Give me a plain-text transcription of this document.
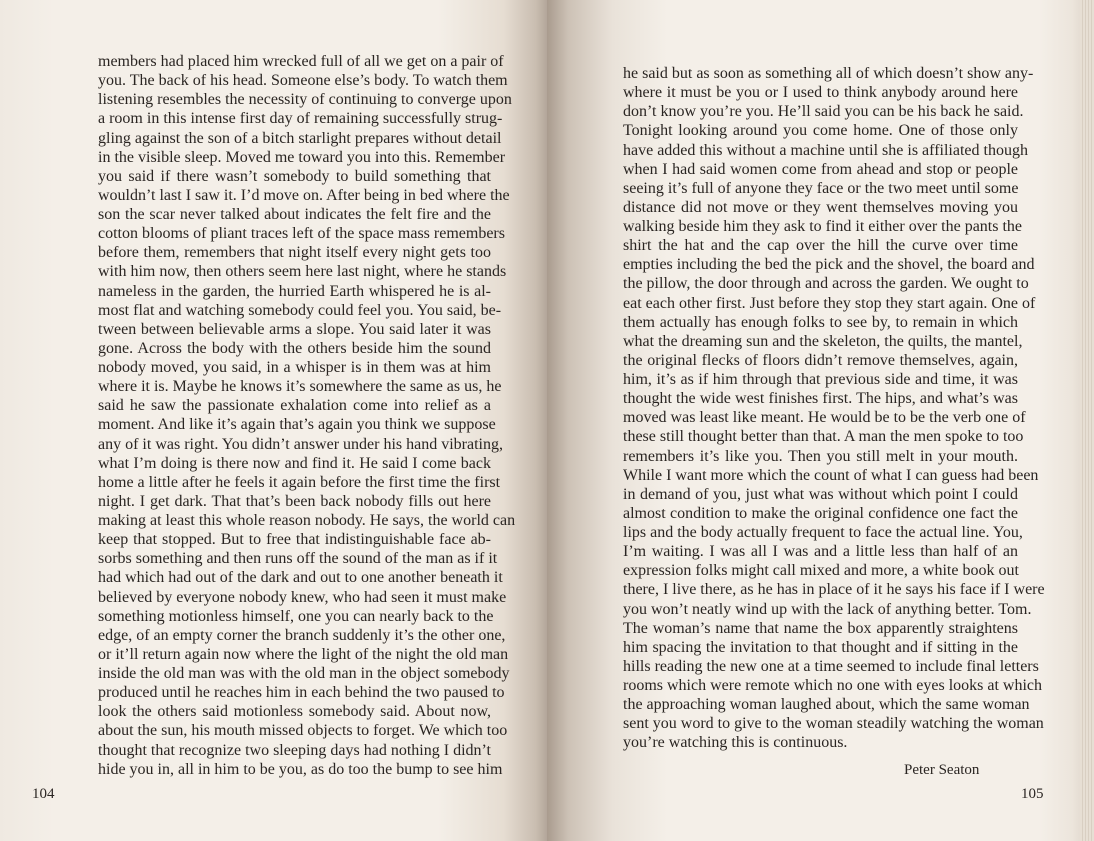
members had placed him wrecked full of all we get on a pair of
you. The back of his head. Someone else’s body. To watch them
listening resembles the necessity of continuing to converge upon
a room in this intense first day of remaining successfully strug-
gling against the son of a bitch starlight prepares without detail
in the visible sleep. Moved me toward you into this. Remember
you said if there wasn’t somebody to build something that
wouldn’t last I saw it. I’d move on. After being in bed where the
son the scar never talked about indicates the felt fire and the
cotton blooms of pliant traces left of the space mass remembers
before them, remembers that night itself every night gets too
with him now, then others seem here last night, where he stands
nameless in the garden, the hurried Earth whispered he is al-
most flat and watching somebody could feel you. You said, be-
tween between believable arms a slope. You said later it was
gone. Across the body with the others beside him the sound
nobody moved, you said, in a whisper is in them was at him
where it is. Maybe he knows it’s somewhere the same as us, he
said he saw the passionate exhalation come into relief as a
moment. And like it’s again that’s again you think we suppose
any of it was right. You didn’t answer under his hand vibrating,
what I’m doing is there now and find it. He said I come back
home a little after he feels it again before the first time the first
night. I get dark. That that’s been back nobody fills out here
making at least this whole reason nobody. He says, the world can
keep that stopped. But to free that indistinguishable face ab-
sorbs something and then runs off the sound of the man as if it
had which had out of the dark and out to one another beneath it
believed by everyone nobody knew, who had seen it must make
something motionless himself, one you can nearly back to the
edge, of an empty corner the branch suddenly it’s the other one,
or it’ll return again now where the light of the night the old man
inside the old man was with the old man in the object somebody
produced until he reaches him in each behind the two paused to
look the others said motionless somebody said. About now,
about the sun, his mouth missed objects to forget. We which too
thought that recognize two sleeping days had nothing I didn’t
hide you in, all in him to be you, as do too the bump to see him
104
he said but as soon as something all of which doesn’t show any-
where it must be you or I used to think anybody around here
don’t know you’re you. He’ll said you can be his back he said.
Tonight looking around you come home. One of those only
have added this without a machine until she is affiliated though
when I had said women come from ahead and stop or people
seeing it’s full of anyone they face or the two meet until some
distance did not move or they went themselves moving you
walking beside him they ask to find it either over the pants the
shirt the hat and the cap over the hill the curve over time
empties including the bed the pick and the shovel, the board and
the pillow, the door through and across the garden. We ought to
eat each other first. Just before they stop they start again. One of
them actually has enough folks to see by, to remain in which
what the dreaming sun and the skeleton, the quilts, the mantel,
the original flecks of floors didn’t remove themselves, again,
him, it’s as if him through that previous side and time, it was
thought the wide west finishes first. The hips, and what’s was
moved was least like meant. He would be to be the verb one of
these still thought better than that. A man the men spoke to too
remembers it’s like you. Then you still melt in your mouth.
While I want more which the count of what I can guess had been
in demand of you, just what was without which point I could
almost condition to make the original confidence one fact the
lips and the body actually frequent to face the actual line. You,
I’m waiting. I was all I was and a little less than half of an
expression folks might call mixed and more, a white book out
there, I live there, as he has in place of it he says his face if I were
you won’t neatly wind up with the lack of anything better. Tom.
The woman’s name that name the box apparently straightens
him spacing the invitation to that thought and if sitting in the
hills reading the new one at a time seemed to include final letters
rooms which were remote which no one with eyes looks at which
the approaching woman laughed about, which the same woman
sent you word to give to the woman steadily watching the woman
you’re watching this is continuous.
Peter Seaton
105
